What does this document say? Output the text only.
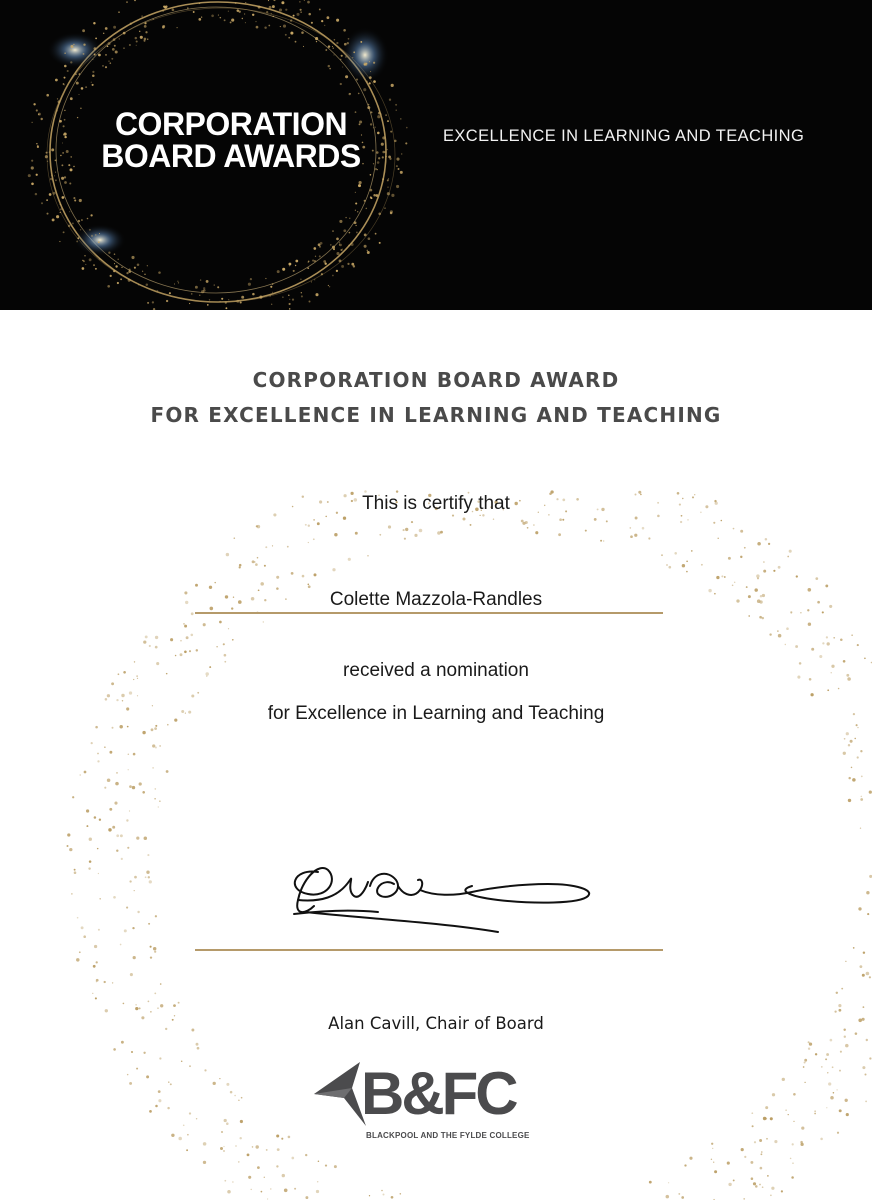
CORPORATION
BOARD AWARDS
EXCELLENCE IN LEARNING AND TEACHING
CORPORATION BOARD AWARD
FOR EXCELLENCE IN LEARNING AND TEACHING
This is certify that
Colette Mazzola-Randles
received a nomination
for Excellence in Learning and Teaching
Alan Cavill, Chair of Board
B&FC
BLACKPOOL AND THE FYLDE COLLEGE
